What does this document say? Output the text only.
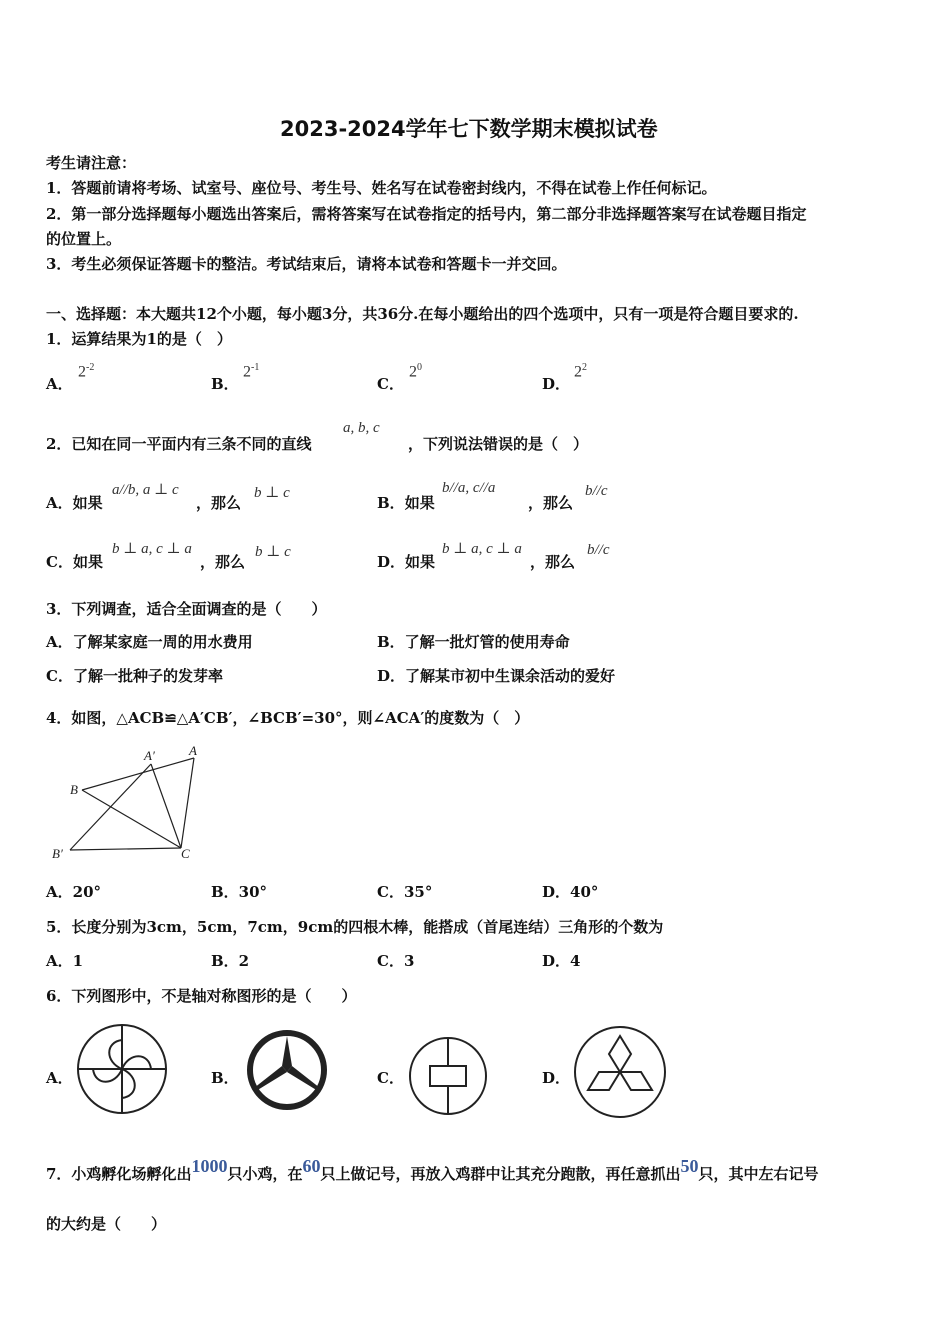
2023-2024学年七下数学期末模拟试卷
考生请注意：
1．答题前请将考场、试室号、座位号、考生号、姓名写在试卷密封线内，不得在试卷上作任何标记。
2．第一部分选择题每小题选出答案后，需将答案写在试卷指定的括号内，第二部分非选择题答案写在试卷题目指定
的位置上。
3．考生必须保证答题卡的整洁。考试结束后，请将本试卷和答题卡一并交回。
一、选择题：本大题共12个小题，每小题3分，共36分.在每小题给出的四个选项中，只有一项是符合题目要求的.
1．运算结果为1的是（　）
A．
$2^{-2}$
B．
$2^{-1}$
C．
$2^0$
D．
$2^2$
2．已知在同一平面内有三条不同的直线
a, b, c
，下列说法错误的是（　）
A．如果
a//b, a ⊥ c
，那么
b ⊥ c
B．如果
b//a, c//a
，那么
b//c
C．如果
b ⊥ a, c ⊥ a
，那么
b ⊥ c
D．如果
b ⊥ a, c ⊥ a
，那么
b//c
3．下列调查，适合全面调查的是（　　）
A．了解某家庭一周的用水费用	B．了解一批灯管的使用寿命
C．了解一批种子的发芽率	D．了解某市初中生课余活动的爱好
4．如图，△ACB≌△A′CB′，∠BCB′=30°，则∠ACA′的度数为（　）
A
A′
B
B′	C
A．20°	B．30°	C．35°	D．40°
5．长度分别为3cm，5cm，7cm，9cm的四根木棒，能搭成（首尾连结）三角形的个数为
A．1	B．2	C．3	D．4
6．下列图形中，不是轴对称图形的是（　　）
A．	B．	C．	D．
7．小鸡孵化场孵化出1000只小鸡，在60只上做记号，再放入鸡群中让其充分跑散，再任意抓出50只，其中左右记号
的大约是（　　）
